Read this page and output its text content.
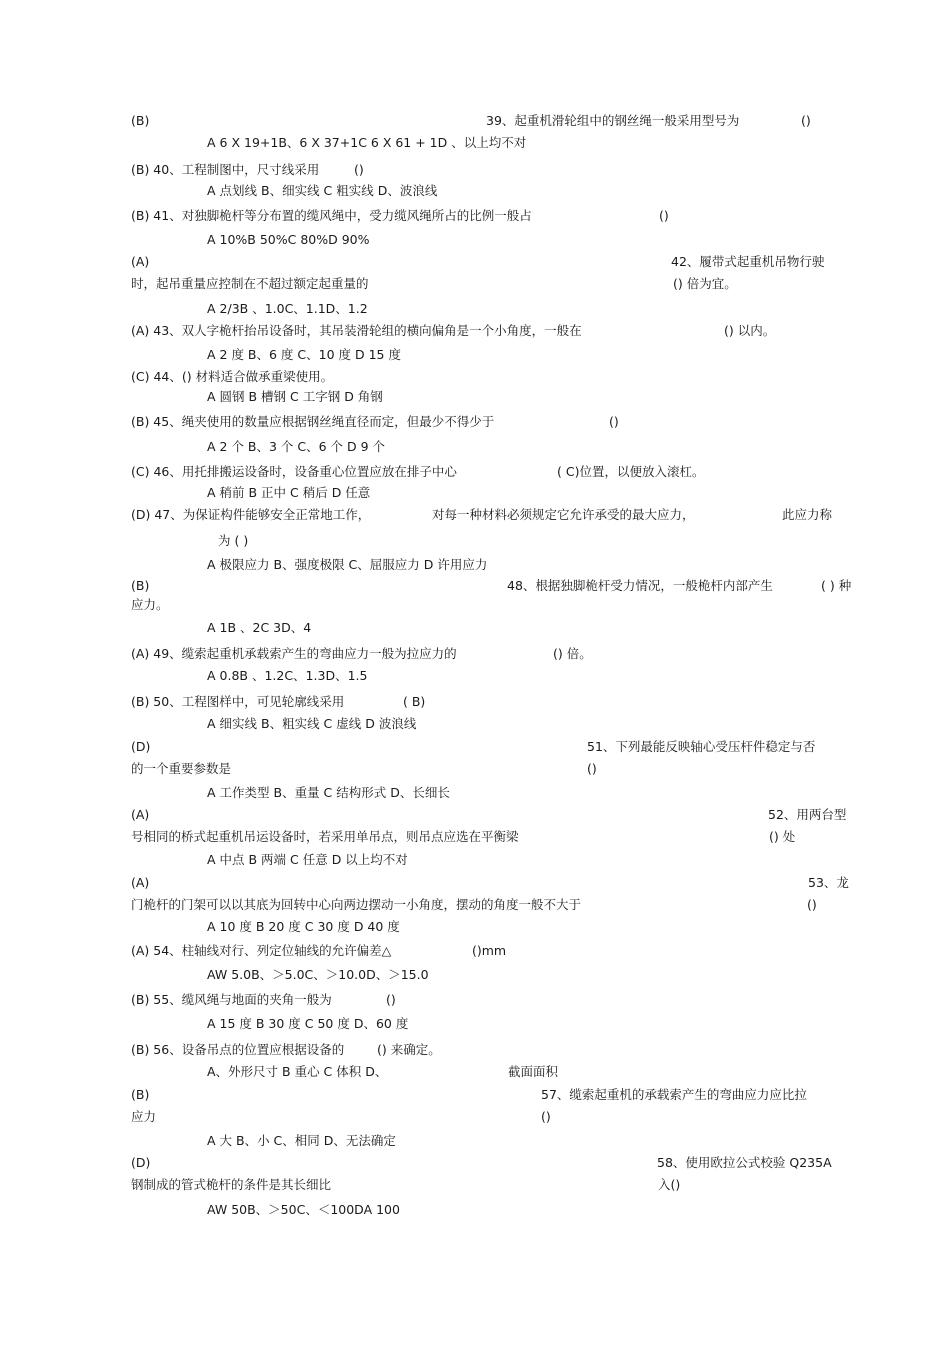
(B)	39、起重机滑轮组中的钢丝绳一般采用型号为	()
A 6 X 19+1B、6 X 37+1C 6 X 61 + 1D 、以上均不对
(B) 40、工程制图中，尺寸线采用	()
A 点划线 B、细实线 C 粗实线 D、波浪线
(B) 41、对独脚桅杆等分布置的缆风绳中，受力缆风绳所占的比例一般占	()
A 10%B 50%C 80%D 90%
(A)	42、履带式起重机吊物行驶
时，起吊重量应控制在不超过额定起重量的	() 倍为宜。
A 2/3B 、1.0C、1.1D、1.2
(A) 43、双人字桅杆抬吊设备时，其吊装滑轮组的横向偏角是一个小角度，一般在	() 以内。
A 2 度 B、6 度 C、10 度 D 15 度
(C) 44、() 材料适合做承重梁使用。
A 圆钢 B 槽钢 C 工字钢 D 角钢
(B) 45、绳夹使用的数量应根据钢丝绳直径而定，但最少不得少于	()
A 2 个 B、3 个 C、6 个 D 9 个
(C) 46、用托排搬运设备时，设备重心位置应放在排子中心	( C)位置，以便放入滚杠。
A 稍前 B 正中 C 稍后 D 任意
(D) 47、为保证构件能够安全正常地工作，	对每一种材料必须规定它允许承受的最大应力，	此应力称
为 ( )
A 极限应力 B、强度极限 C、屈服应力 D 许用应力
(B)	48、根据独脚桅杆受力情况，一般桅杆内部产生	( ) 种
应力。
A 1B 、2C 3D、4
(A) 49、缆索起重机承载索产生的弯曲应力一般为拉应力的	() 倍。
A 0.8B 、1.2C、1.3D、1.5
(B) 50、工程图样中，可见轮廓线采用	( B)
A 细实线 B、粗实线 C 虚线 D 波浪线
(D)	51、下列最能反映轴心受压杆件稳定与否
的一个重要参数是	()
A 工作类型 B、重量 C 结构形式 D、长细长
(A)	52、用两台型
号相同的桥式起重机吊运设备时，若采用单吊点，则吊点应选在平衡梁	() 处
A 中点 B 两端 C 任意 D 以上均不对
(A)	53、龙
门桅杆的门架可以以其底为回转中心向两边摆动一小角度，摆动的角度一般不大于	()
A 10 度 B 20 度 C 30 度 D 40 度
(A) 54、柱轴线对行、列定位轴线的允许偏差△	()mm
AW 5.0B、＞5.0C、＞10.0D、＞15.0
(B) 55、缆风绳与地面的夹角一般为	()
A 15 度 B 30 度 C 50 度 D、60 度
(B) 56、设备吊点的位置应根据设备的	() 来确定。
A、外形尺寸 B 重心 C 体积 D、	截面面积
(B)	57、缆索起重机的承载索产生的弯曲应力应比拉
应力	()
A 大 B、小 C、相同 D、无法确定
(D)	58、使用欧拉公式校验 Q235A
钢制成的管式桅杆的条件是其长细比	入()
AW 50B、＞50C、＜100DA 100
